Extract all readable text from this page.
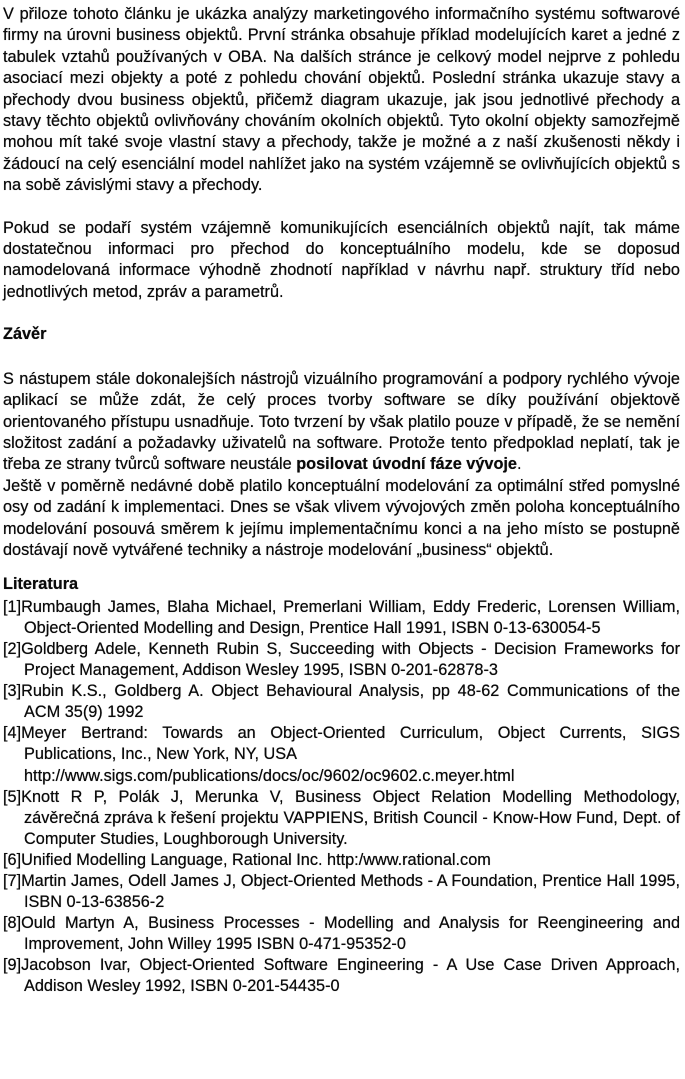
V přiloze tohoto článku je ukázka analýzy marketingového informačního systému softwarové firmy na úrovni business objektů. První stránka obsahuje příklad modelujících karet a jedné z tabulek vztahů používaných v OBA. Na dalších stránce je celkový model nejprve z pohledu asociací mezi objekty a poté z pohledu chování objektů. Poslední stránka ukazuje stavy a přechody dvou business objektů, přičemž diagram ukazuje, jak jsou jednotlivé přechody a stavy těchto objektů ovlivňovány chováním okolních objektů. Tyto okolní objekty samozřejmě mohou mít také svoje vlastní stavy a přechody, takže je možné a z naší zkušenosti někdy i žádoucí na celý esenciální model nahlížet jako na systém vzájemně se ovlivňujících objektů s na sobě závislými stavy a přechody.

Pokud se podaří systém vzájemně komunikujících esenciálních objektů najít, tak máme dostatečnou informaci pro přechod do konceptuálního modelu, kde se doposud namodelovaná informace výhodně zhodnotí například v návrhu např. struktury tříd nebo jednotlivých metod, zpráv a parametrů.

Závěr

S nástupem stále dokonalejších nástrojů vizuálního programování a podpory rychlého vývoje aplikací se může zdát, že celý proces tvorby software se díky používání objektově orientovaného přístupu usnadňuje. Toto tvrzení by však platilo pouze v případě, že se nemění složitost zadání a požadavky uživatelů na software. Protože tento předpoklad neplatí, tak je třeba ze strany tvůrců software neustále posilovat úvodní fáze vývoje.

Ještě v poměrně nedávné době platilo konceptuální modelování za optimální střed pomyslné osy od zadání k implementaci. Dnes se však vlivem vývojových změn poloha konceptuálního modelování posouvá směrem k jejímu implementačnímu konci a na jeho místo se postupně dostávají nově vytvářené techniky a nástroje modelování „business“ objektů.

Literatura
[1]Rumbaugh James, Blaha Michael, Premerlani William, Eddy Frederic, Lorensen William, Object-Oriented Modelling and Design, Prentice Hall 1991, ISBN 0-13-630054-5
[2]Goldberg Adele, Kenneth Rubin S, Succeeding with Objects - Decision Frameworks for Project Management, Addison Wesley 1995, ISBN 0-201-62878-3
[3]Rubin K.S., Goldberg A. Object Behavioural Analysis, pp 48-62 Communications of the ACM 35(9) 1992
[4]Meyer Bertrand: Towards an Object-Oriented Curriculum, Object Currents, SIGS Publications, Inc., New York, NY, USA
http://www.sigs.com/publications/docs/oc/9602/oc9602.c.meyer.html
[5]Knott R P, Polák J, Merunka V, Business Object Relation Modelling Methodology, závěrečná zpráva k řešení projektu VAPPIENS, British Council - Know-How Fund, Dept. of Computer Studies, Loughborough University.
[6]Unified Modelling Language, Rational Inc. http:/www.rational.com
[7]Martin James, Odell James J, Object-Oriented Methods - A Foundation, Prentice Hall 1995, ISBN 0-13-63856-2
[8]Ould Martyn A, Business Processes - Modelling and Analysis for Reengineering and Improvement, John Willey 1995 ISBN 0-471-95352-0
[9]Jacobson Ivar, Object-Oriented Software Engineering - A Use Case Driven Approach, Addison Wesley 1992, ISBN 0-201-54435-0
